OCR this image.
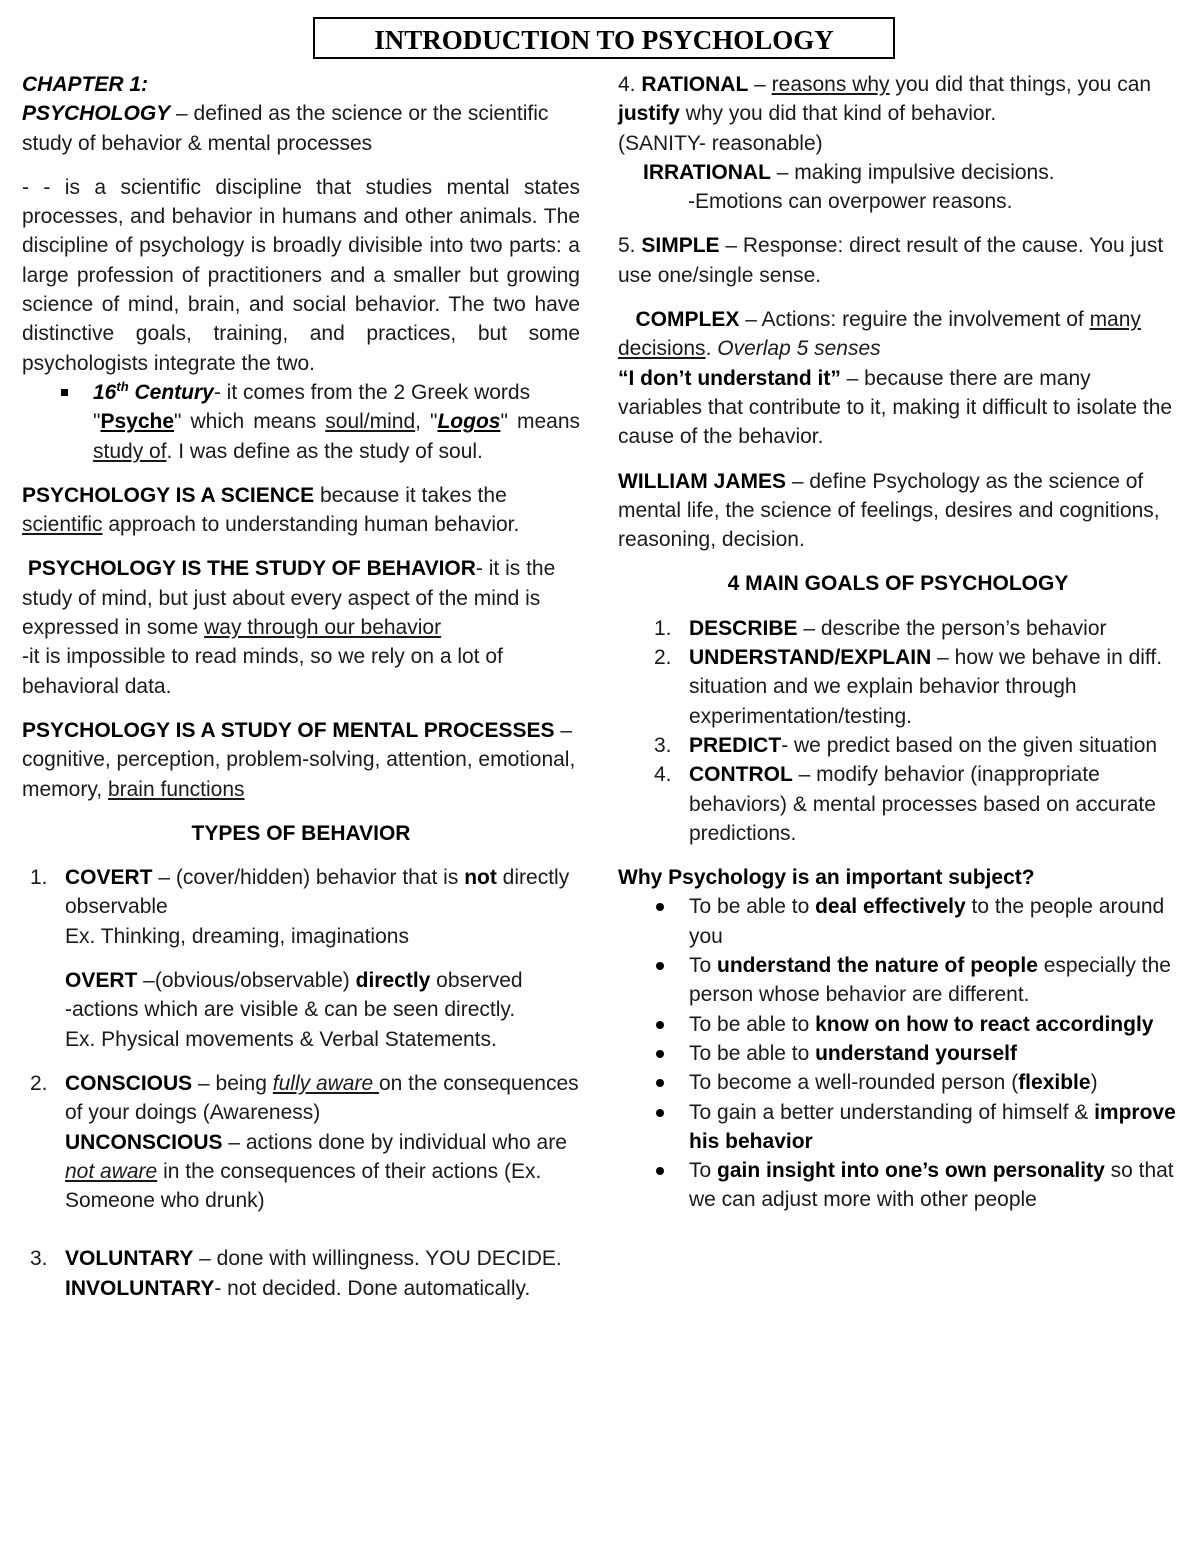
INTRODUCTION TO PSYCHOLOGY

CHAPTER 1:

PSYCHOLOGY – defined as the science or the scientific study of behavior & mental processes

- - is a scientific discipline that studies mental states processes, and behavior in humans and other animals. The discipline of psychology is broadly divisible into two parts: a large profession of practitioners and a smaller but growing science of mind, brain, and social behavior. The two have distinctive goals, training, and practices, but some psychologists integrate the two.

16th Century- it comes from the 2 Greek words
"Psyche" which means soul/mind, "Logos" means study of. I was define as the study of soul.

PSYCHOLOGY IS A SCIENCE because it takes the scientific approach to understanding human behavior.

PSYCHOLOGY IS THE STUDY OF BEHAVIOR- it is the study of mind, but just about every aspect of the mind is expressed in some way through our behavior
-it is impossible to read minds, so we rely on a lot of behavioral data.

PSYCHOLOGY IS A STUDY OF MENTAL PROCESSES –cognitive, perception, problem-solving, attention, emotional, memory, brain functions

TYPES OF BEHAVIOR

1. COVERT – (cover/hidden) behavior that is not directly observable
Ex. Thinking, dreaming, imaginations
OVERT –(obvious/observable) directly observed
-actions which are visible & can be seen directly.
Ex. Physical movements & Verbal Statements.
2. CONSCIOUS – being fully aware on the consequences of your doings (Awareness)
UNCONSCIOUS – actions done by individual who are not aware in the consequences of their actions (Ex. Someone who drunk)
3. VOLUNTARY – done with willingness. YOU DECIDE.
INVOLUNTARY- not decided. Done automatically.

4. RATIONAL – reasons why you did that things, you can justify why you did that kind of behavior.
(SANITY- reasonable)

IRRATIONAL – making impulsive decisions.

-Emotions can overpower reasons.

5. SIMPLE – Response: direct result of the cause. You just use one/single sense.

COMPLEX – Actions: reguire the involvement of many decisions. Overlap 5 senses
“I don’t understand it” – because there are many variables that contribute to it, making it difficult to isolate the cause of the behavior.

WILLIAM JAMES – define Psychology as the science of mental life, the science of feelings, desires and cognitions, reasoning, decision.

4 MAIN GOALS OF PSYCHOLOGY

1. DESCRIBE – describe the person’s behavior
2. UNDERSTAND/EXPLAIN – how we behave in diff. situation and we explain behavior through experimentation/testing.
3. PREDICT- we predict based on the given situation
4. CONTROL – modify behavior (inappropriate behaviors) & mental processes based on accurate predictions.

Why Psychology is an important subject?

To be able to deal effectively to the people around you
To understand the nature of people especially the person whose behavior are different.
To be able to know on how to react accordingly
To be able to understand yourself
To become a well-rounded person (flexible)
To gain a better understanding of himself & improve his behavior
To gain insight into one’s own personality so that we can adjust more with other people
